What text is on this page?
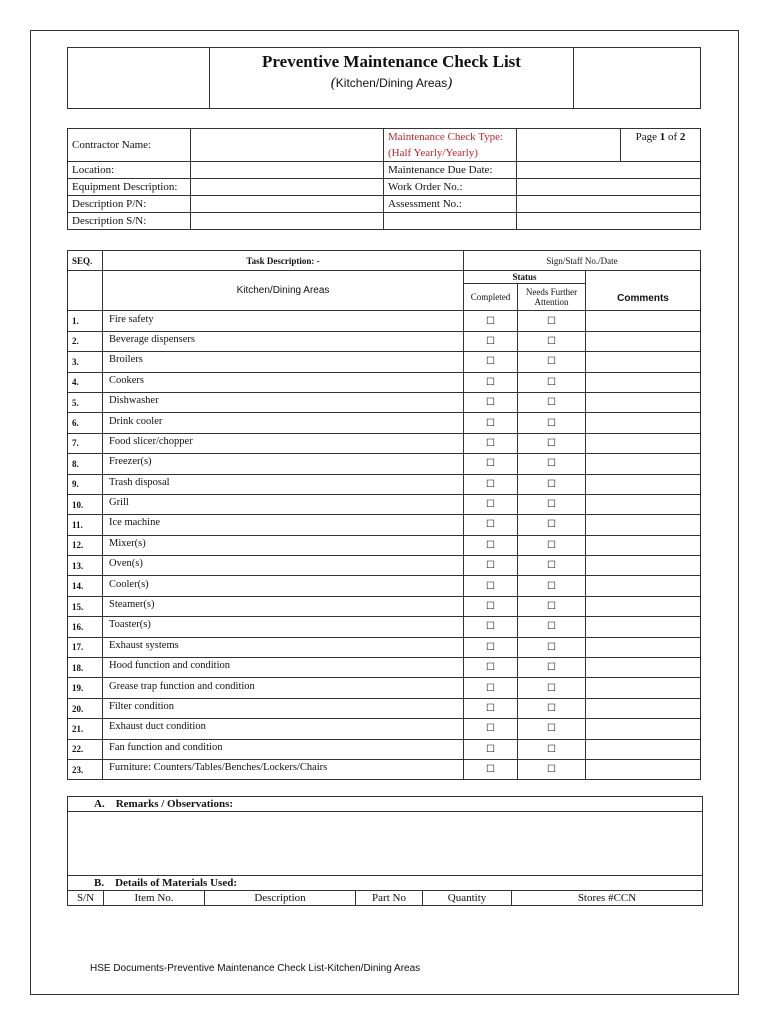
Preventive Maintenance Check List
(Kitchen/Dining Areas)

Contractor Name:		Maintenance Check Type:
(Half Yearly/Yearly)		Page 1 of 2
Location:		Maintenance Due Date:		
Equipment Description:		Work Order No.:		
Description P/N:		Assessment No.:		
Description S/N:				
SEQ.	Task Description: -	Sign/Staff No./Date		
	Kitchen/Dining Areas	Status		Comments
		Completed	Needs Further Attention	
1.	Fire safety	☐	☐	
2.	Beverage dispensers	☐	☐	
3.	Broilers	☐	☐	
4.	Cookers	☐	☐	
5.	Dishwasher	☐	☐	
6.	Drink cooler	☐	☐	
7.	Food slicer/chopper	☐	☐	
8.	Freezer(s)	☐	☐	
9.	Trash disposal	☐	☐	
10.	Grill	☐	☐	
11.	Ice machine	☐	☐	
12.	Mixer(s)	☐	☐	
13.	Oven(s)	☐	☐	
14.	Cooler(s)	☐	☐	
15.	Steamer(s)	☐	☐	
16.	Toaster(s)	☐	☐	
17.	Exhaust systems	☐	☐	
18.	Hood function and condition	☐	☐	
19.	Grease trap function and condition	☐	☐	
20.	Filter condition	☐	☐	
21.	Exhaust duct condition	☐	☐	
22.	Fan function and condition	☐	☐	
23.	Furniture: Counters/Tables/Benches/Lockers/Chairs	☐	☐	
A. Remarks / Observations:

B. Details of Materials Used:
S/N	Item No.	Description	Part No	Quantity	Stores #CCN
HSE Documents-Preventive Maintenance Check List-Kitchen/Dining Areas
